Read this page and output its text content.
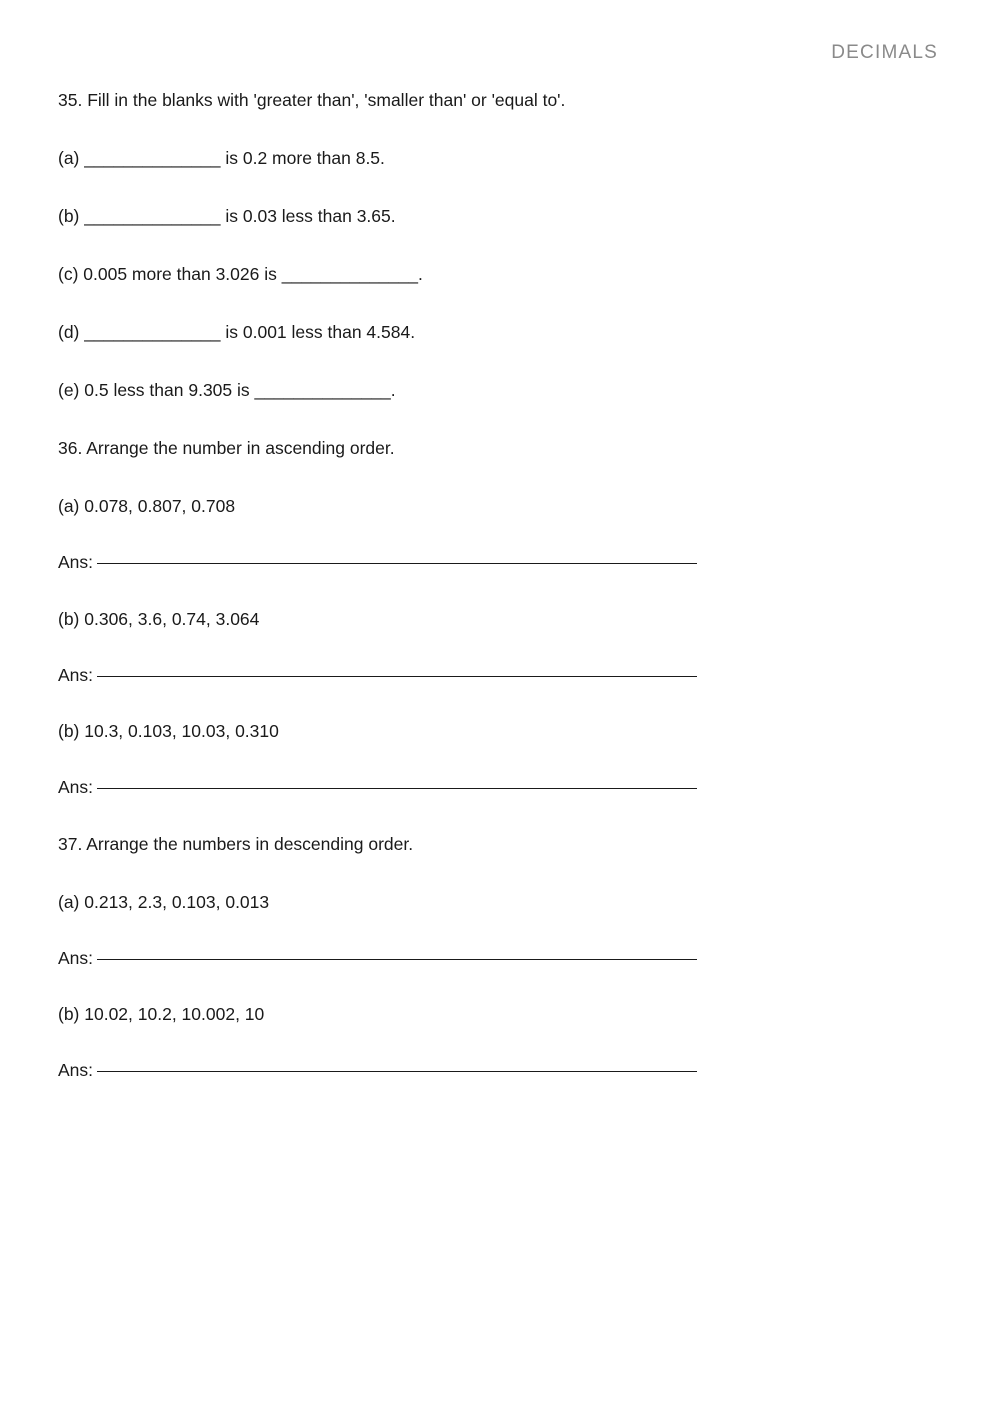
DECIMALS

35. Fill in the blanks with 'greater than', 'smaller than' or 'equal to'.

(a) ______________ is 0.2 more than 8.5.

(b) ______________ is 0.03 less than 3.65.

(c) 0.005 more than 3.026 is ______________.

(d) ______________ is 0.001 less than 4.584.

(e) 0.5 less than 9.305 is ______________.

36. Arrange the number in ascending order.

(a) 0.078, 0.807, 0.708

Ans:

(b) 0.306, 3.6, 0.74, 3.064

Ans:

(b) 10.3, 0.103, 10.03, 0.310

Ans:

37. Arrange the numbers in descending order.

(a) 0.213, 2.3, 0.103, 0.013

Ans:

(b) 10.02, 10.2, 10.002, 10

Ans:
